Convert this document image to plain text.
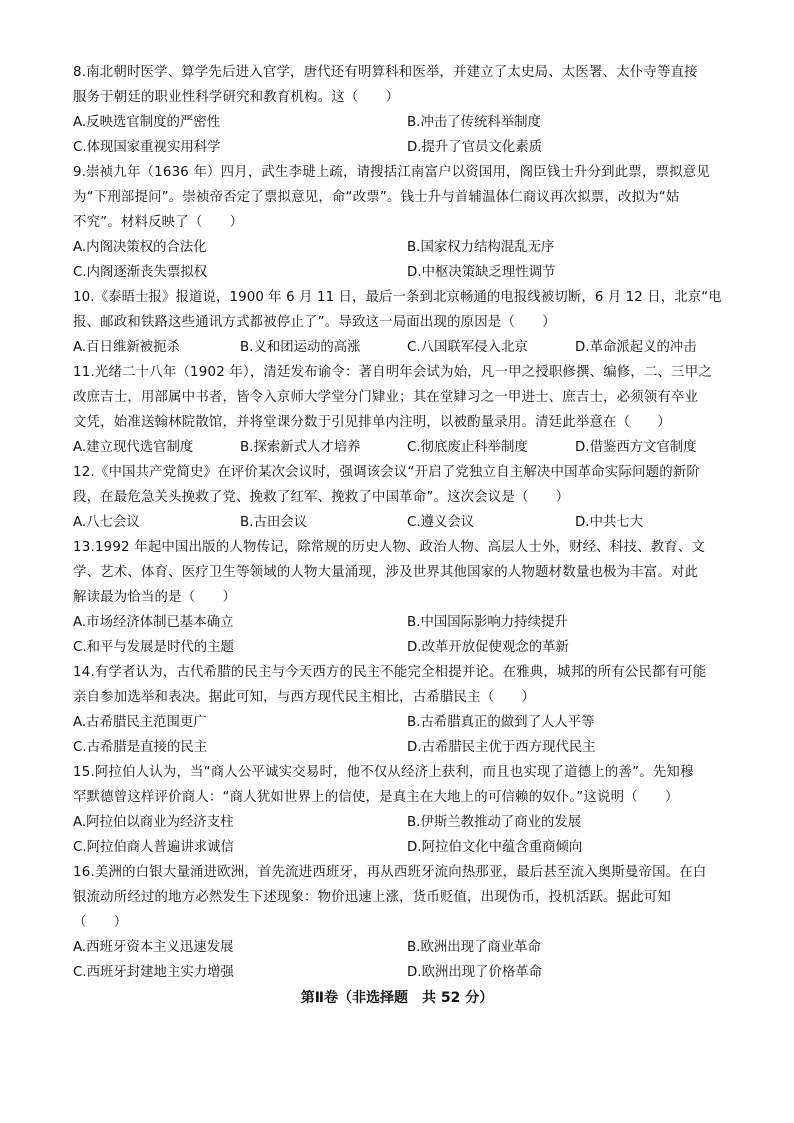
8.南北朝时医学、算学先后进入官学，唐代还有明算科和医举，并建立了太史局、太医署、太仆寺等直接
服务于朝廷的职业性科学研究和教育机构。这（　　）
A.反映选官制度的严密性	B.冲击了传统科举制度
C.体现国家重视实用科学	D.提升了官员文化素质
9.崇祯九年（1636 年）四月，武生李琎上疏，请搜括江南富户以资国用，阁臣钱士升分到此票，票拟意见
为“下刑部提问”。崇祯帝否定了票拟意见，命“改票”。钱士升与首辅温体仁商议再次拟票，改拟为“姑
不究”。材料反映了（　　）
A.内阁决策权的合法化	B.国家权力结构混乱无序
C.内阁逐渐丧失票拟权	D.中枢决策缺乏理性调节
10.《泰晤士报》报道说，1900 年 6 月 11 日，最后一条到北京畅通的电报线被切断，6 月 12 日，北京“电
报、邮政和铁路这些通讯方式都被停止了”。导致这一局面出现的原因是（　　）
A.百日维新被扼杀	B.义和团运动的高涨	C.八国联军侵入北京	D.革命派起义的冲击
11.光绪二十八年（1902 年），清廷发布谕令：著自明年会试为始，凡一甲之授职修撰、编修，二、三甲之
改庶吉士，用部属中书者，皆令入京师大学堂分门肄业；其在堂肄习之一甲进士、庶吉士，必须领有卒业
文凭，始准送翰林院散馆，并将堂课分数于引见排单内注明，以被酌量录用。清廷此举意在（　　）
A.建立现代选官制度	B.探索新式人才培养	C.彻底废止科举制度	D.借鉴西方文官制度
12.《中国共产党简史》在评价某次会议时，强调该会议“开启了党独立自主解决中国革命实际问题的新阶
段，在最危急关头挽救了党、挽救了红军、挽救了中国革命”。这次会议是（　　）
A.八七会议	B.古田会议	C.遵义会议	D.中共七大
13.1992 年起中国出版的人物传记，除常规的历史人物、政治人物、高层人士外，财经、科技、教育、文
学、艺术、体育、医疗卫生等领域的人物大量涌现，涉及世界其他国家的人物题材数量也极为丰富。对此
解读最为恰当的是（　　）
A.市场经济体制已基本确立	B.中国国际影响力持续提升
C.和平与发展是时代的主题	D.改革开放促使观念的革新
14.有学者认为，古代希腊的民主与今天西方的民主不能完全相提并论。在雅典，城邦的所有公民都有可能
亲自参加选举和表决。据此可知，与西方现代民主相比，古希腊民主（　　）
A.古希腊民主范围更广	B.古希腊真正的做到了人人平等
C.古希腊是直接的民主	D.古希腊民主优于西方现代民主
15.阿拉伯人认为，当“商人公平诚实交易时，他不仅从经济上获利，而且也实现了道德上的善”。先知穆
罕默德曾这样评价商人：“商人犹如世界上的信使，是真主在大地上的可信赖的奴仆。”这说明（　　）
A.阿拉伯以商业为经济支柱	B.伊斯兰教推动了商业的发展
C.阿拉伯商人普遍讲求诚信	D.阿拉伯文化中蕴含重商倾向
16.美洲的白银大量涌进欧洲，首先流进西班牙，再从西班牙流向热那亚，最后甚至流入奥斯曼帝国。在白
银流动所经过的地方必然发生下述现象：物价迅速上涨，货币贬值，出现伪币，投机活跃。据此可知
（　　）
A.西班牙资本主义迅速发展	B.欧洲出现了商业革命
C.西班牙封建地主实力增强	D.欧洲出现了价格革命
第Ⅱ卷（非选择题　共 52 分）
